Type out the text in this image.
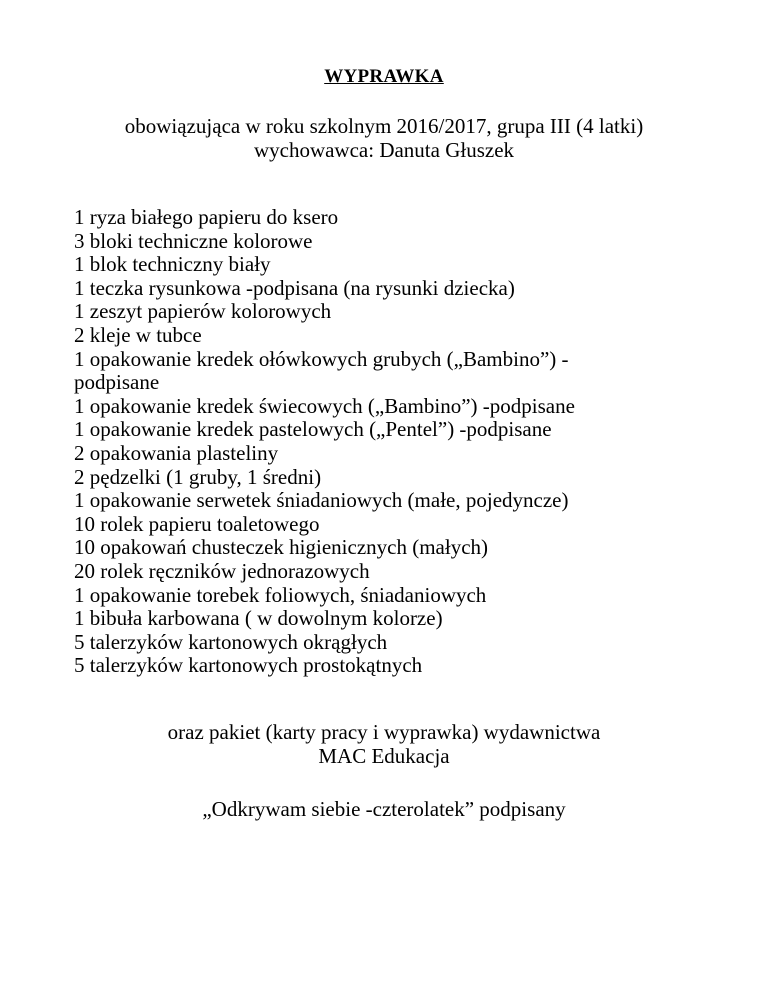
WYPRAWKA
obowiązująca w roku szkolnym 2016/2017, grupa III (4 latki)
wychowawca: Danuta Głuszek
1 ryza białego papieru do ksero
3 bloki techniczne kolorowe
1 blok techniczny biały
1 teczka rysunkowa -podpisana (na rysunki dziecka)
1 zeszyt papierów kolorowych
2 kleje w tubce
1 opakowanie kredek ołówkowych grubych („Bambino”) -
podpisane
1 opakowanie kredek świecowych („Bambino”) -podpisane
1 opakowanie kredek pastelowych („Pentel”) -podpisane
2 opakowania plasteliny
2 pędzelki (1 gruby, 1 średni)
1 opakowanie serwetek śniadaniowych (małe, pojedyncze)
10 rolek papieru toaletowego
10 opakowań chusteczek higienicznych (małych)
20 rolek ręczników jednorazowych
1 opakowanie torebek foliowych, śniadaniowych
1 bibuła karbowana ( w dowolnym kolorze)
5 talerzyków kartonowych okrągłych
5 talerzyków kartonowych prostokątnych
oraz pakiet (karty pracy i wyprawka) wydawnictwa
MAC Edukacja
„Odkrywam siebie -czterolatek” podpisany
